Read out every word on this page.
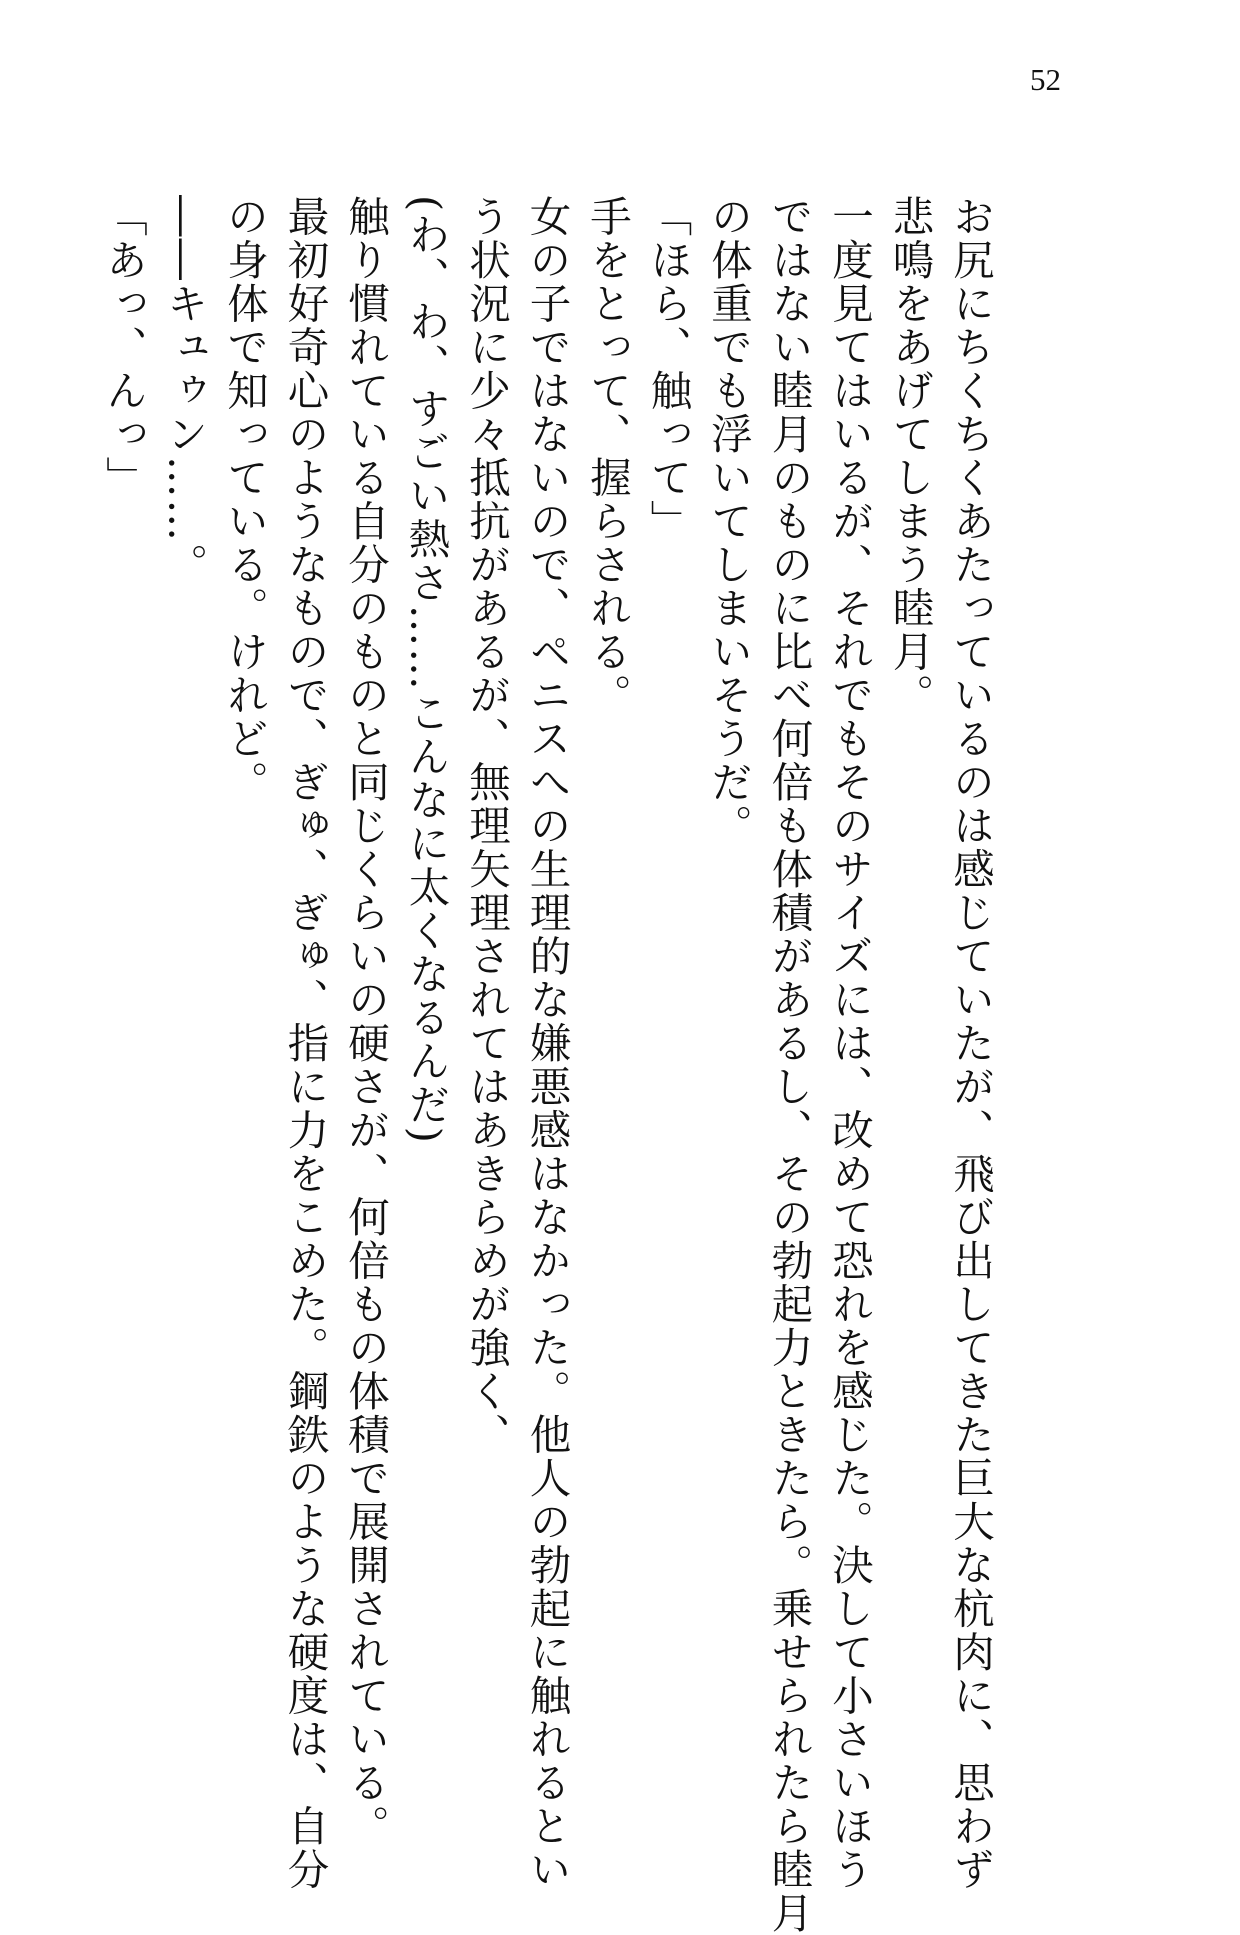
52
お尻にちくちくあたっているのは感じていたが、飛び出してきた巨大な杭肉に、思わず
悲鳴をあげてしまう睦月。
一度見てはいるが、それでもそのサイズには、改めて恐れを感じた。決して小さいほう
ではない睦月のものに比べ何倍も体積があるし、その勃起力ときたら。乗せられたら睦月
の体重でも浮いてしまいそうだ。
「ほら、触って」
手をとって、握らされる。
女の子ではないので、ペニスへの生理的な嫌悪感はなかった。他人の勃起に触れるとい
う状況に少々抵抗があるが、無理矢理されてはあきらめが強く、
(わ、わ、すごい熱さ……こんなに太くなるんだ)
触り慣れている自分のものと同じくらいの硬さが、何倍もの体積で展開されている。
最初好奇心のようなもので、ぎゅ、ぎゅ、指に力をこめた。鋼鉄のような硬度は、自分
の身体で知っている。けれど。
――キュゥン……。
「あっ、んっ」
